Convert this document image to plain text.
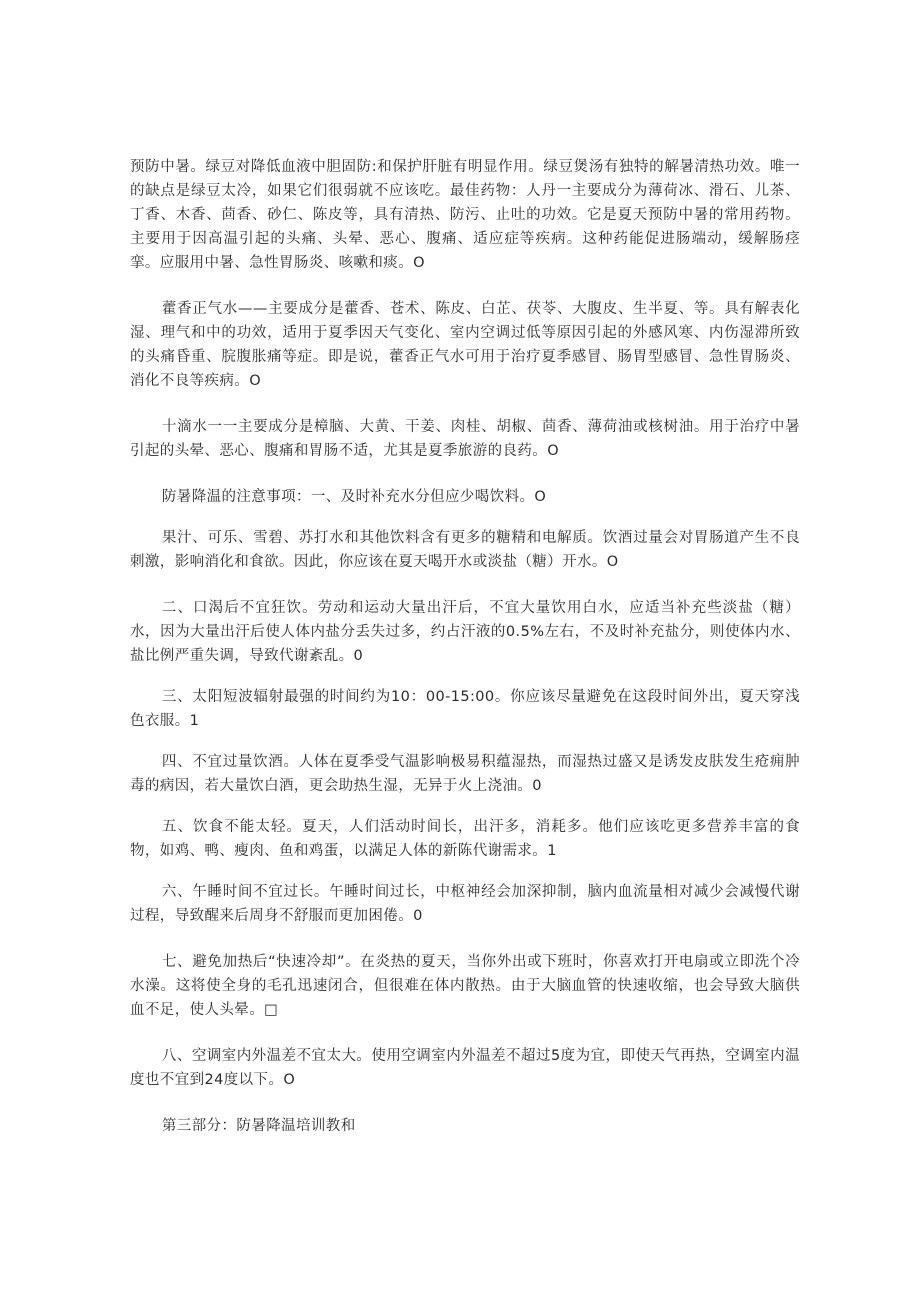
预防中暑。绿豆对降低血液中胆固防:和保护肝脏有明显作用。绿豆煲汤有独特的解暑清热功效。唯一的缺点是绿豆太冷，如果它们很弱就不应该吃。最佳药物：人丹一主要成分为薄荷冰、滑石、儿茶、丁香、木香、茴香、砂仁、陈皮等，具有清热、防污、止吐的功效。它是夏天预防中暑的常用药物。主要用于因高温引起的头痛、头晕、恶心、腹痛、适应症等疾病。这种药能促进肠端动，缓解肠痉挛。应服用中暑、急性胃肠炎、咳嗽和痰。O

藿香正气水——主要成分是藿香、苍术、陈皮、白芷、茯苓、大腹皮、生半夏、等。具有解表化湿、理气和中的功效，适用于夏季因天气变化、室内空调过低等原因引起的外感风寒、内伤湿滞所致的头痛昏重、脘腹胀痛等症。即是说，藿香正气水可用于治疗夏季感冒、肠胃型感冒、急性胃肠炎、消化不良等疾病。O

十滴水一一主要成分是樟脑、大黄、干姜、肉桂、胡椒、茴香、薄荷油或核树油。用于治疗中暑引起的头晕、恶心、腹痛和胃肠不适，尤其是夏季旅游的良药。O

防暑降温的注意事项：一、及时补充水分但应少喝饮料。O

果汁、可乐、雪碧、苏打水和其他饮料含有更多的糖精和电解质。饮酒过量会对胃肠道产生不良刺激，影响消化和食欲。因此，你应该在夏天喝开水或淡盐（糖）开水。O

二、口渴后不宜狂饮。劳动和运动大量出汗后，不宜大量饮用白水，应适当补充些淡盐（糖）水，因为大量出汗后使人体内盐分丢失过多，约占汗液的0.5%左右，不及时补充盐分，则使体内水、盐比例严重失调，导致代谢紊乱。0

三、太阳短波辐射最强的时间约为10：00-15:00。你应该尽量避免在这段时间外出，夏天穿浅色衣服。1

四、不宜过量饮酒。人体在夏季受气温影响极易积蕴湿热，而湿热过盛又是诱发皮肤发生疮痈肿毒的病因，若大量饮白酒，更会助热生湿，无异于火上浇油。0

五、饮食不能太轻。夏天，人们活动时间长，出汗多，消耗多。他们应该吃更多营养丰富的食物，如鸡、鸭、瘦肉、鱼和鸡蛋，以满足人体的新陈代谢需求。1

六、午睡时间不宜过长。午睡时间过长，中枢神经会加深抑制，脑内血流量相对减少会减慢代谢过程，导致醒来后周身不舒服而更加困倦。0

七、避免加热后“快速冷却”。在炎热的夏天，当你外出或下班时，你喜欢打开电扇或立即洗个冷水澡。这将使全身的毛孔迅速闭合，但很难在体内散热。由于大脑血管的快速收缩，也会导致大脑供血不足，使人头晕。□

八、空调室内外温差不宜太大。使用空调室内外温差不超过5度为宜，即使天气再热，空调室内温度也不宜到24度以下。O

第三部分：防暑降温培训教和
